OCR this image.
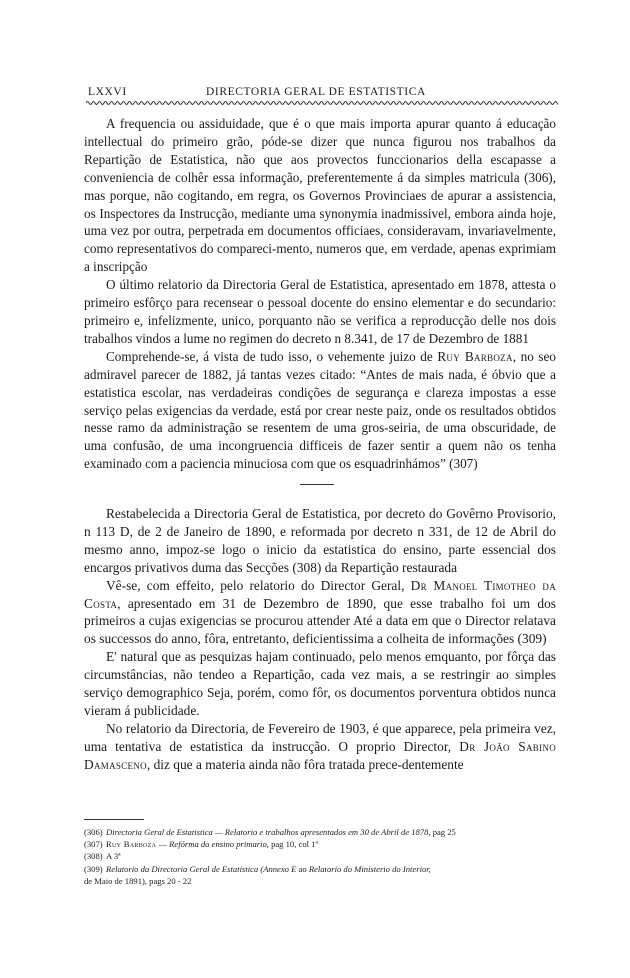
LXXVI	DIRECTORIA GERAL DE ESTATISTICA

A frequencia ou assiduidade, que é o que mais importa apurar quanto á educação intellectual do primeiro grão, póde-se dizer que nunca figurou nos trabalhos da Repartição de Estatistica, não que aos provectos funccionarios della escapasse a conveniencia de colhêr essa informação, preferentemente á da simples matricula (306), mas porque, não cogitando, em regra, os Governos Provinciaes de apurar a assistencia, os Inspectores da Instrucção, mediante uma synonymia inadmissivel, embora ainda hoje, uma vez por outra, perpetrada em documentos officiaes, consideravam, invariavelmente, como representativos do compareci-mento, numeros que, em verdade, apenas exprimiam a inscripção

O último relatorio da Directoria Geral de Estatistica, apresentado em 1878, attesta o primeiro esfôrço para recensear o pessoal docente do ensino elementar e do secundario: primeiro e, infelizmente, unico, porquanto não se verifica a reproducção delle nos dois trabalhos vindos a lume no regimen do decreto n 8.341, de 17 de Dezembro de 1881

Comprehende-se, á vista de tudo isso, o vehemente juizo de Ruy Barboza, no seo admiravel parecer de 1882, já tantas vezes citado: “Antes de mais nada, é óbvio que a estatistica escolar, nas verdadeiras condições de segurança e clareza impostas a esse serviço pelas exigencias da verdade, está por crear neste paiz, onde os resultados obtidos nesse ramo da administração se resentem de uma gros-seiria, de uma obscuridade, de uma confusão, de uma incongruencia difficeis de fazer sentir a quem não os tenha examinado com a paciencia minuciosa com que os esquadrinhámos” (307)

Restabelecida a Directoria Geral de Estatistica, por decreto do Govêrno Provisorio, n 113 D, de 2 de Janeiro de 1890, e reformada por decreto n 331, de 12 de Abril do mesmo anno, impoz-se logo o inicio da estatistica do ensino, parte essencial dos encargos privativos duma das Secções (308) da Repartição restaurada

Vê-se, com effeito, pelo relatorio do Director Geral, Dr Manoel Timotheo da Costa, apresentado em 31 de Dezembro de 1890, que esse trabalho foi um dos primeiros a cujas exigencias se procurou attender Até a data em que o Director relatava os successos do anno, fôra, entretanto, deficientissima a colheita de informações (309)

E' natural que as pesquizas hajam continuado, pelo menos emquanto, por fôrça das circumstâncias, não tendeo a Repartição, cada vez mais, a se restringir ao simples serviço demographico Seja, porém, como fôr, os documentos porventura obtidos nunca vieram á publicidade.

No relatorio da Directoria, de Fevereiro de 1903, é que apparece, pela primeira vez, uma tentativa de estatistica da instrucção. O proprio Director, Dr João Sabino Damasceno, diz que a materia ainda não fôra tratada prece-dentemente

(306) Directoria Geral de Estatistica — Relatorio e trabalhos apresentados em 30 de Abril de 1878, pag 25

(307) Ruy Barboza — Refórma do ensino primario, pag 10, col 1ª

(308) A 3ª

(309) Relatorio da Directoria Geral de Estatistica (Annexo E ao Relatorio do Ministerio do Interior,
de Maio de 1891), pags 20 - 22
